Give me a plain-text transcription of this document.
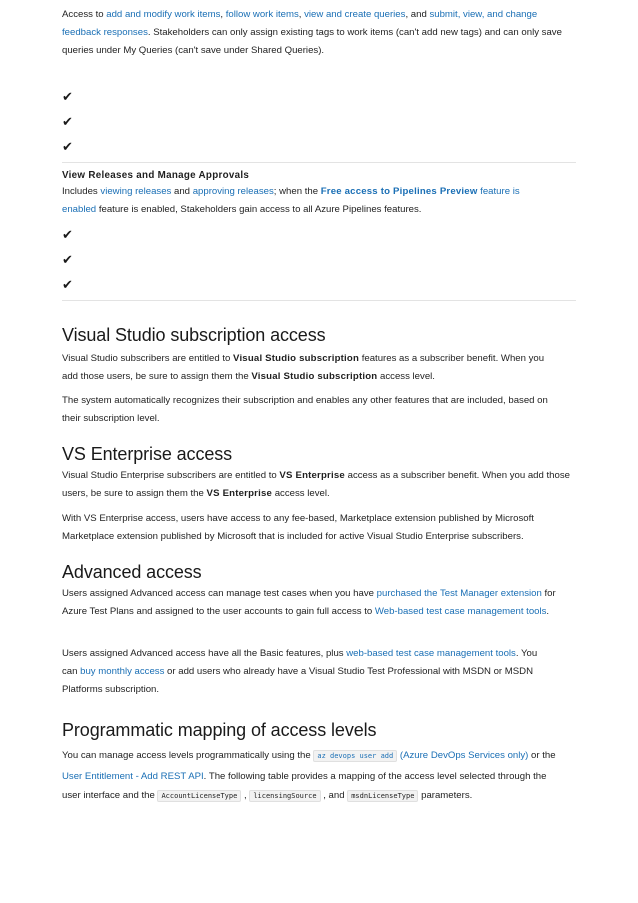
Access to add and modify work items, follow work items, view and create queries, and submit, view, and change feedback responses. Stakeholders can only assign existing tags to work items (can't add new tags) and can only save queries under My Queries (can't save under Shared Queries).

✔
✔
✔
View Releases and Manage Approvals

Includes viewing releases and approving releases; when the Free access to Pipelines Preview feature is enabled feature is enabled, Stakeholders gain access to all Azure Pipelines features.

✔
✔
✔
Visual Studio subscription access

Visual Studio subscribers are entitled to Visual Studio subscription features as a subscriber benefit. When you add those users, be sure to assign them the Visual Studio subscription access level.

The system automatically recognizes their subscription and enables any other features that are included, based on their subscription level.

VS Enterprise access

Visual Studio Enterprise subscribers are entitled to VS Enterprise access as a subscriber benefit. When you add those users, be sure to assign them the VS Enterprise access level.

With VS Enterprise access, users have access to any fee-based, Marketplace extension published by Microsoft Marketplace extension published by Microsoft that is included for active Visual Studio Enterprise subscribers.

Advanced access

Users assigned Advanced access can manage test cases when you have purchased the Test Manager extension for Azure Test Plans and assigned to the user accounts to gain full access to Web-based test case management tools.

Users assigned Advanced access have all the Basic features, plus web-based test case management tools. You can buy monthly access or add users who already have a Visual Studio Test Professional with MSDN or MSDN Platforms subscription.

Programmatic mapping of access levels

You can manage access levels programmatically using the az devops user add (Azure DevOps Services only) or the User Entitlement - Add REST API. The following table provides a mapping of the access level selected through the user interface and the AccountLicenseType , licensingSource , and msdnLicenseType parameters.
